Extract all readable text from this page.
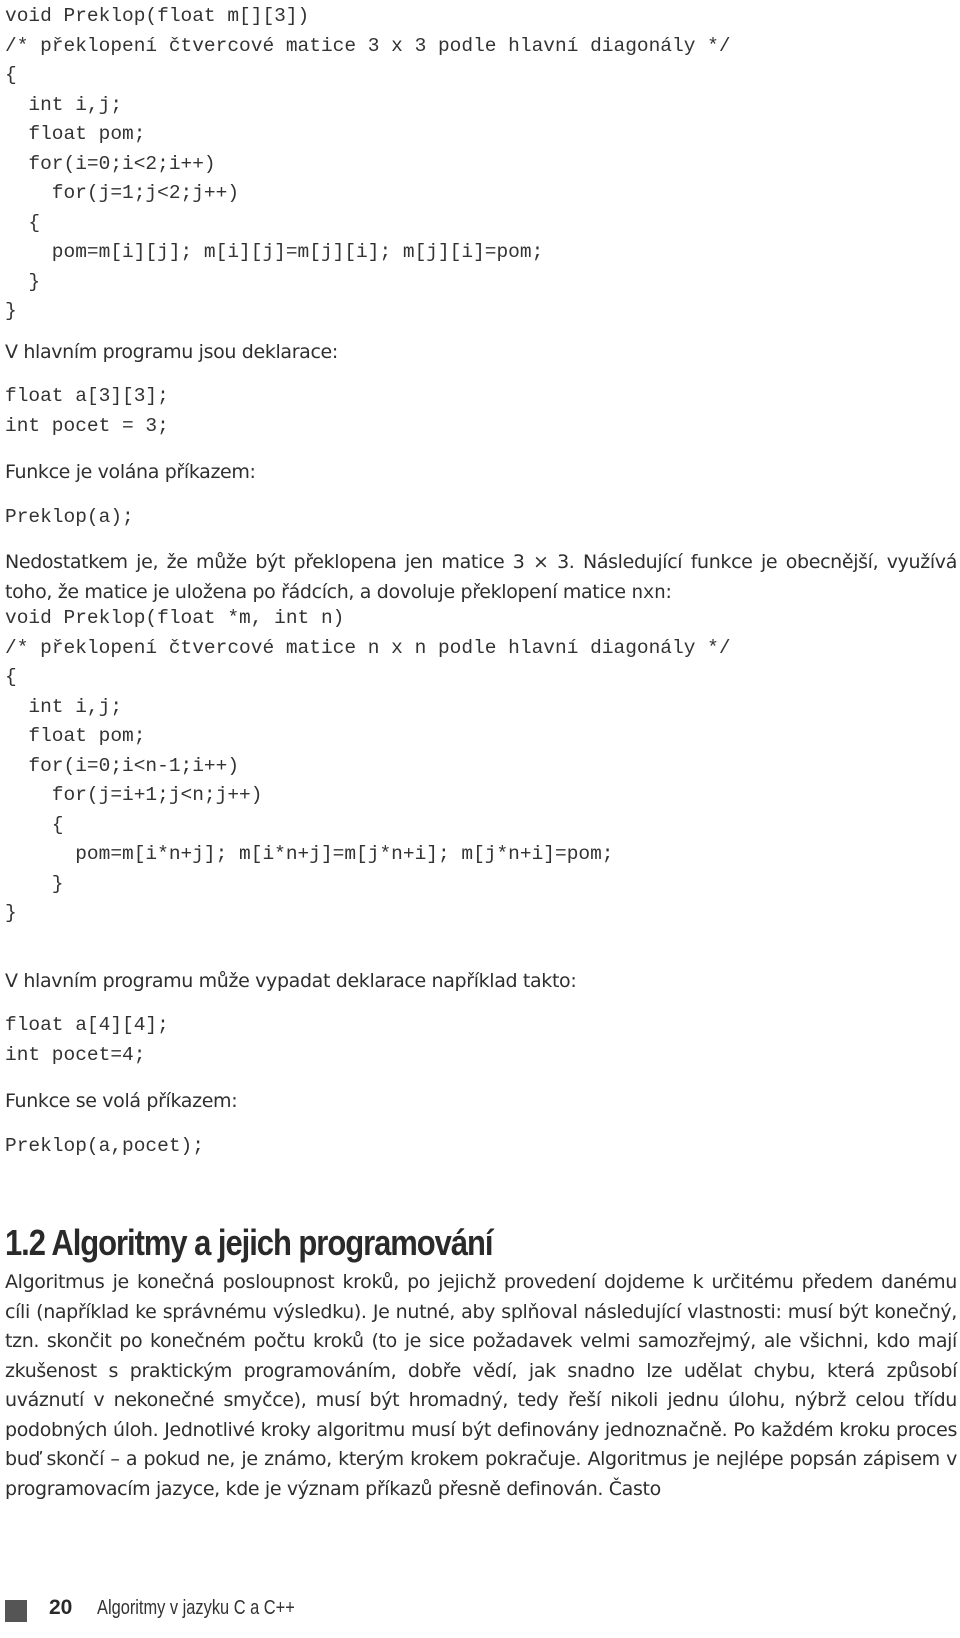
void Preklop(float m[][3])
/* překlopení čtvercové matice 3 x 3 podle hlavní diagonály */
{
int i,j;
float pom;
for(i=0;i<2;i++)
for(j=1;j<2;j++)
{
pom=m[i][j]; m[i][j]=m[j][i]; m[j][i]=pom;
}
}

V hlavním programu jsou deklarace:

float a[3][3];
int pocet = 3;

Funkce je volána příkazem:

Preklop(a);

Nedostatkem je, že může být překlopena jen matice 3 × 3. Následující funkce je obecnější, využívá toho, že matice je uložena po řádcích, a dovoluje překlopení matice nxn:

void Preklop(float *m, int n)
/* překlopení čtvercové matice n x n podle hlavní diagonály */
{
int i,j;
float pom;
for(i=0;i<n-1;i++)
for(j=i+1;j<n;j++)
{
pom=m[i*n+j]; m[i*n+j]=m[j*n+i]; m[j*n+i]=pom;
}
}

V hlavním programu může vypadat deklarace například takto:

float a[4][4];
int pocet=4;

Funkce se volá příkazem:

Preklop(a,pocet);
1.2 Algoritmy a jejich programování

Algoritmus je konečná posloupnost kroků, po jejichž provedení dojdeme k určitému předem danému cíli (například ke správnému výsledku). Je nutné, aby splňoval následující vlastnosti: musí být konečný, tzn. skončit po konečném počtu kroků (to je sice požadavek velmi samozřejmý, ale všichni, kdo mají zkušenost s praktickým programováním, dobře vědí, jak snadno lze udělat chybu, která způsobí uváznutí v nekonečné smyčce), musí být hromadný, tedy řeší nikoli jednu úlohu, nýbrž celou třídu podobných úloh. Jednotlivé kroky algoritmu musí být definovány jednoznačně. Po každém kroku proces buď skončí – a pokud ne, je známo, kterým krokem pokračuje. Algoritmus je nejlépe popsán zápisem v programovacím jazyce, kde je význam příkazů přesně definován. Často

20 Algoritmy v jazyku C a C++
